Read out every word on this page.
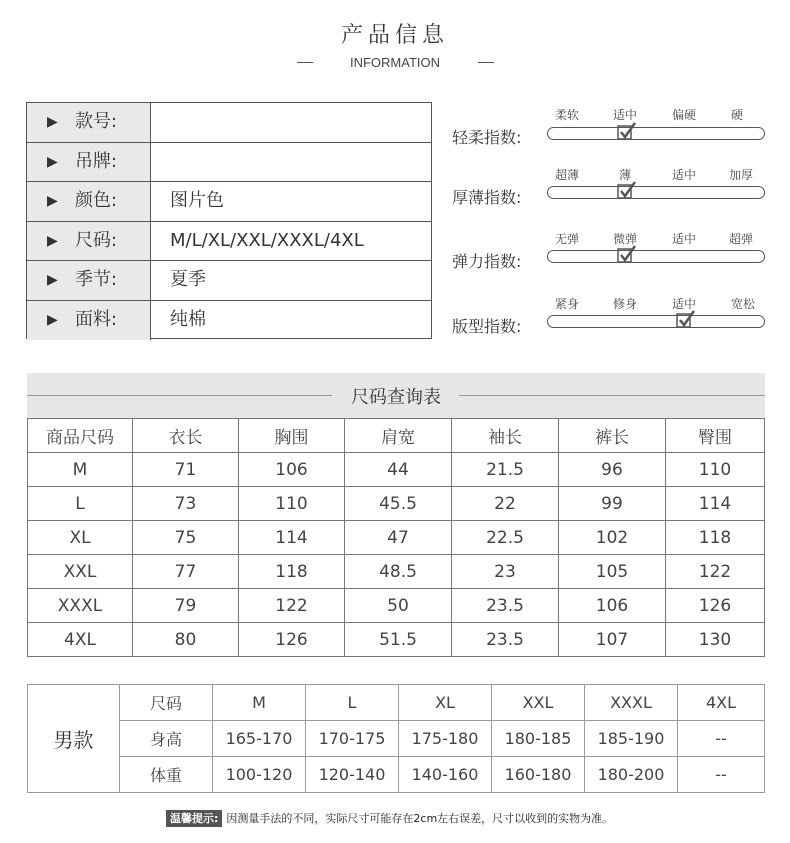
产品信息
INFORMATION
▶ 款号:
▶ 吊牌:
▶ 颜色:	图片色
▶ 尺码:	M/L/XL/XXL/XXXL/4XL
▶ 季节:	夏季
▶ 面料:	纯棉
轻柔指数:
柔软	适中	偏硬	硬
厚薄指数:
超薄	薄	适中	加厚
弹力指数:
无弹	微弹	适中	超弹
版型指数:
紧身	修身	适中	宽松
尺码查询表
商品尺码	衣长	胸围	肩宽	袖长	裤长	臀围
M	71	106	44	21.5	96	110
L	73	110	45.5	22	99	114
XL	75	114	47	22.5	102	118
XXL	77	118	48.5	23	105	122
XXXL	79	122	50	23.5	106	126
4XL	80	126	51.5	23.5	107	130
男款	尺码	M	L	XL	XXL	XXXL	4XL
	身高	165-170	170-175	175-180	180-185	185-190	--
	体重	100-120	120-140	140-160	160-180	180-200	--
温馨提示: 因测量手法的不同，实际尺寸可能存在2cm左右误差，尺寸以收到的实物为准。
